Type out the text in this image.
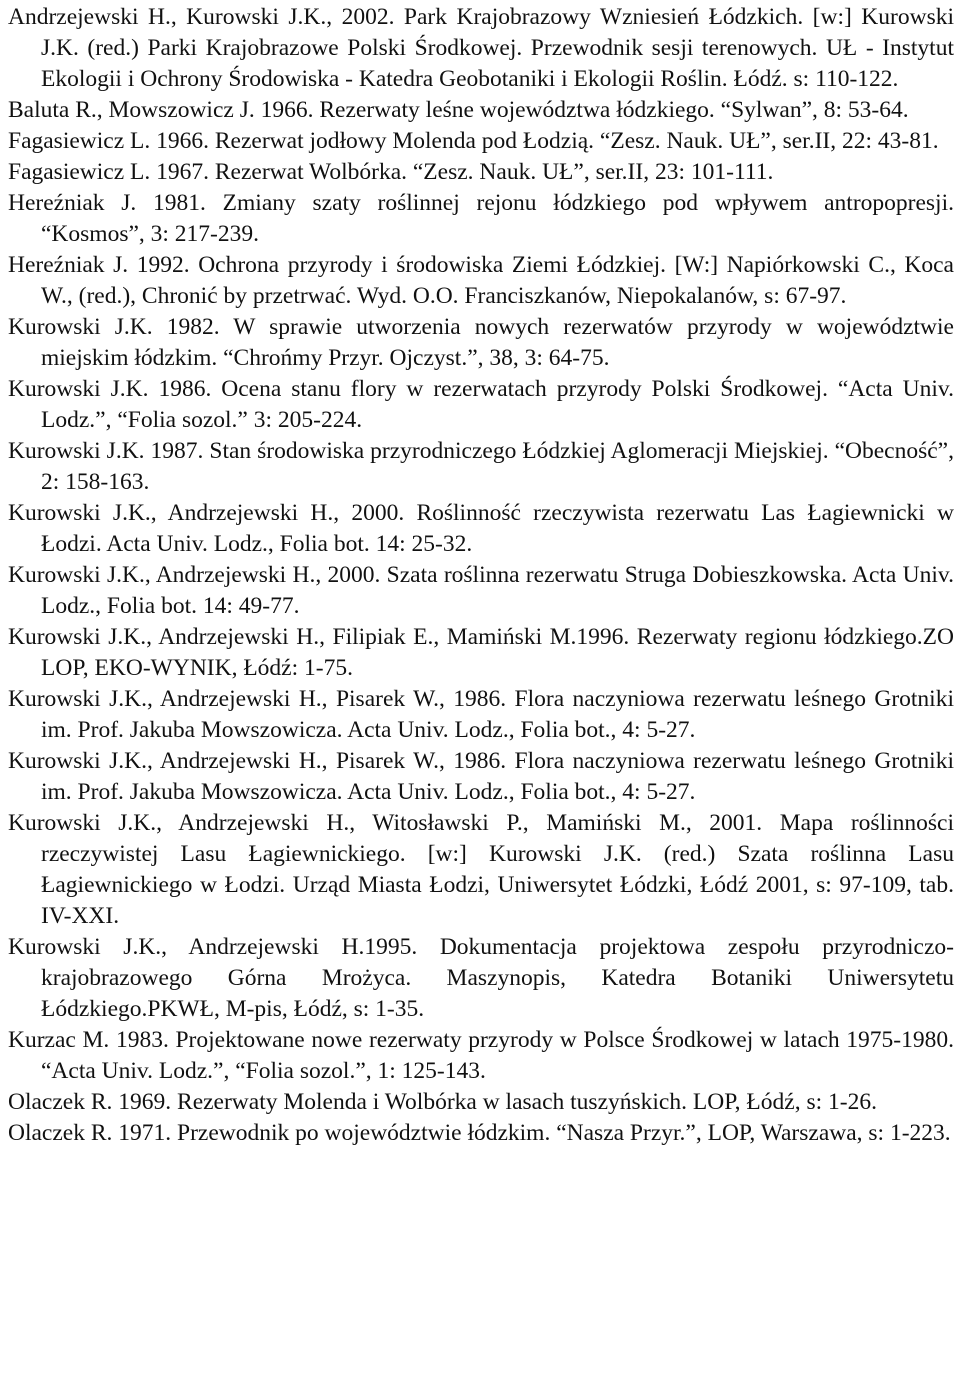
Andrzejewski H., Kurowski J.K., 2002. Park Krajobrazowy Wzniesień Łódzkich. [w:] Kurowski J.K. (red.) Parki Krajobrazowe Polski Środkowej. Przewodnik sesji terenowych. UŁ - Instytut Ekologii i Ochrony Środowiska - Katedra Geobotaniki i Ekologii Roślin. Łódź. s: 110-122.

Baluta R., Mowszowicz J. 1966. Rezerwaty leśne województwa łódzkiego. “Sylwan”, 8: 53-64.

Fagasiewicz L. 1966. Rezerwat jodłowy Molenda pod Łodzią. “Zesz. Nauk. UŁ”, ser.II, 22: 43-81.

Fagasiewicz L. 1967. Rezerwat Wolbórka. “Zesz. Nauk. UŁ”, ser.II, 23: 101-111.

Hereźniak J. 1981. Zmiany szaty roślinnej rejonu łódzkiego pod wpływem antropopresji. “Kosmos”, 3: 217-239.

Hereźniak J. 1992. Ochrona przyrody i środowiska Ziemi Łódzkiej. [W:] Napiórkowski C., Koca W., (red.), Chronić by przetrwać. Wyd. O.O. Franciszkanów, Niepokalanów, s: 67-97.

Kurowski J.K. 1982. W sprawie utworzenia nowych rezerwatów przyrody w województwie miejskim łódzkim. “Chrońmy Przyr. Ojczyst.”, 38, 3: 64-75.

Kurowski J.K. 1986. Ocena stanu flory w rezerwatach przyrody Polski Środkowej. “Acta Univ. Lodz.”, “Folia sozol.” 3: 205-224.

Kurowski J.K. 1987. Stan środowiska przyrodniczego Łódzkiej Aglomeracji Miejskiej. “Obecność”, 2: 158-163.

Kurowski J.K., Andrzejewski H., 2000. Roślinność rzeczywista rezerwatu Las Łagiewnicki w Łodzi. Acta Univ. Lodz., Folia bot. 14: 25-32.

Kurowski J.K., Andrzejewski H., 2000. Szata roślinna rezerwatu Struga Dobieszkowska. Acta Univ. Lodz., Folia bot. 14: 49-77.

Kurowski J.K., Andrzejewski H., Filipiak E., Mamiński M.1996. Rezerwaty regionu łódzkiego.ZO LOP, EKO-WYNIK, Łódź: 1-75.

Kurowski J.K., Andrzejewski H., Pisarek W., 1986. Flora naczyniowa rezerwatu leśnego Grotniki im. Prof. Jakuba Mowszowicza. Acta Univ. Lodz., Folia bot., 4: 5-27.

Kurowski J.K., Andrzejewski H., Pisarek W., 1986. Flora naczyniowa rezerwatu leśnego Grotniki im. Prof. Jakuba Mowszowicza. Acta Univ. Lodz., Folia bot., 4: 5-27.

Kurowski J.K., Andrzejewski H., Witosławski P., Mamiński M., 2001. Mapa roślinności rzeczywistej Lasu Łagiewnickiego. [w:] Kurowski J.K. (red.) Szata roślinna Lasu Łagiewnickiego w Łodzi. Urząd Miasta Łodzi, Uniwersytet Łódzki, Łódź 2001, s: 97-109, tab. IV-XXI.

Kurowski J.K., Andrzejewski H.1995. Dokumentacja projektowa zespołu przyrodniczo-krajobrazowego Górna Mrożyca. Maszynopis, Katedra Botaniki Uniwersytetu Łódzkiego.PKWŁ, M-pis, Łódź, s: 1-35.

Kurzac M. 1983. Projektowane nowe rezerwaty przyrody w Polsce Środkowej w latach 1975-1980. “Acta Univ. Lodz.”, “Folia sozol.”, 1: 125-143.

Olaczek R. 1969. Rezerwaty Molenda i Wolbórka w lasach tuszyńskich. LOP, Łódź, s: 1-26.

Olaczek R. 1971. Przewodnik po województwie łódzkim. “Nasza Przyr.”, LOP, Warszawa, s: 1-223.
